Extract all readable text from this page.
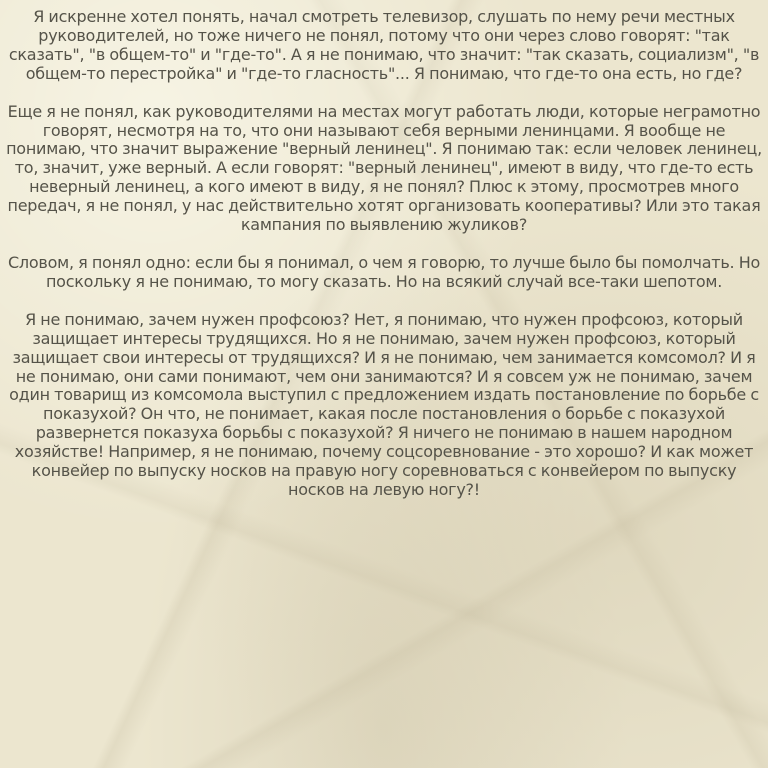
Я искренне хотел понять, начал смотреть телевизор, слушать по нему речи местных руководителей, но тоже ничего не понял, потому что они через слово говорят: "так сказать", "в общем-то" и "где-то". А я не понимаю, что значит: "так сказать, социализм", "в общем-то перестройка" и "где-то гласность"... Я понимаю, что где-то она есть, но где?

Еще я не понял, как руководителями на местах могут работать люди, которые неграмотно говорят, несмотря на то, что они называют себя верными ленинцами. Я вообще не понимаю, что значит выражение "верный ленинец". Я понимаю так: если человек ленинец, то, значит, уже верный. А если говорят: "верный ленинец", имеют в виду, что где-то есть неверный ленинец, а кого имеют в виду, я не понял? Плюс к этому, просмотрев много передач, я не понял, у нас действительно хотят организовать кооперативы? Или это такая кампания по выявлению жуликов?

Словом, я понял одно: если бы я понимал, о чем я говорю, то лучше было бы помолчать. Но поскольку я не понимаю, то могу сказать. Но на всякий случай все-таки шепотом.

Я не понимаю, зачем нужен профсоюз? Нет, я понимаю, что нужен профсоюз, который защищает интересы трудящихся. Но я не понимаю, зачем нужен профсоюз, который защищает свои интересы от трудящихся? И я не понимаю, чем занимается комсомол? И я не понимаю, они сами понимают, чем они занимаются? И я совсем уж не понимаю, зачем один товарищ из комсомола выступил с предложением издать постановление по борьбе с показухой? Он что, не понимает, какая после постановления о борьбе с показухой развернется показуха борьбы с показухой? Я ничего не понимаю в нашем народном хозяйстве! Например, я не понимаю, почему соцсоревнование - это хорошо? И как может конвейер по выпуску носков на правую ногу соревноваться с конвейером по выпуску носков на левую ногу?!
